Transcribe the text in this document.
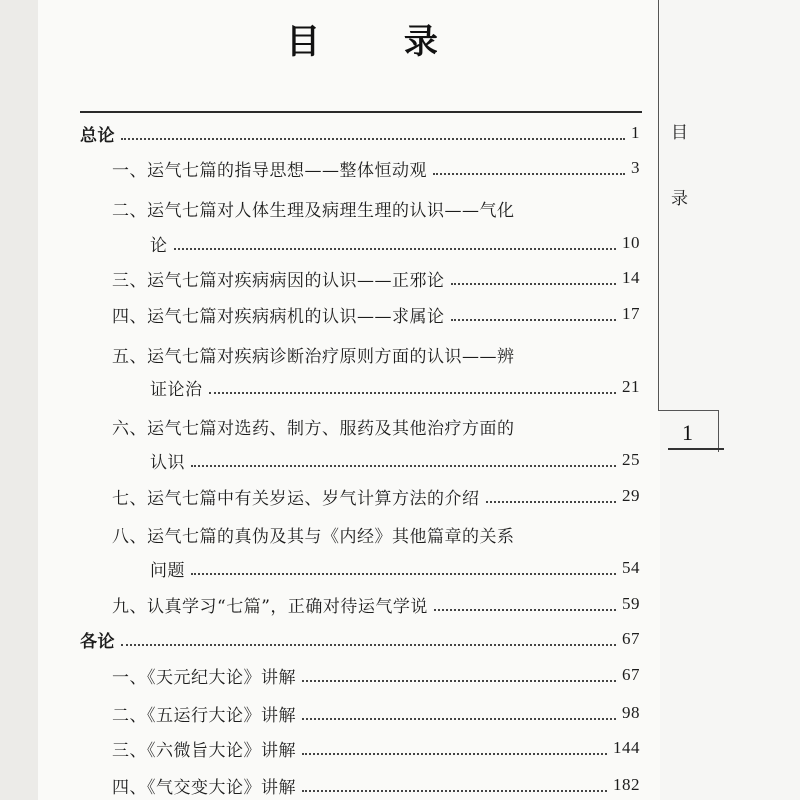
目 录
总论	1
一、运气七篇的指导思想——整体恒动观	3
二、运气七篇对人体生理及病理生理的认识——气化
论	10
三、运气七篇对疾病病因的认识——正邪论	14
四、运气七篇对疾病病机的认识——求属论	17
五、运气七篇对疾病诊断治疗原则方面的认识——辨
证论治	21
六、运气七篇对选药、制方、服药及其他治疗方面的
认识	25
七、运气七篇中有关岁运、岁气计算方法的介绍	29
八、运气七篇的真伪及其与《内经》其他篇章的关系
问题	54
九、认真学习“七篇”，正确对待运气学说	59
各论	67
一、《天元纪大论》讲解	67
二、《五运行大论》讲解	98
三、《六微旨大论》讲解	144
四、《气交变大论》讲解	182
目
录
1
